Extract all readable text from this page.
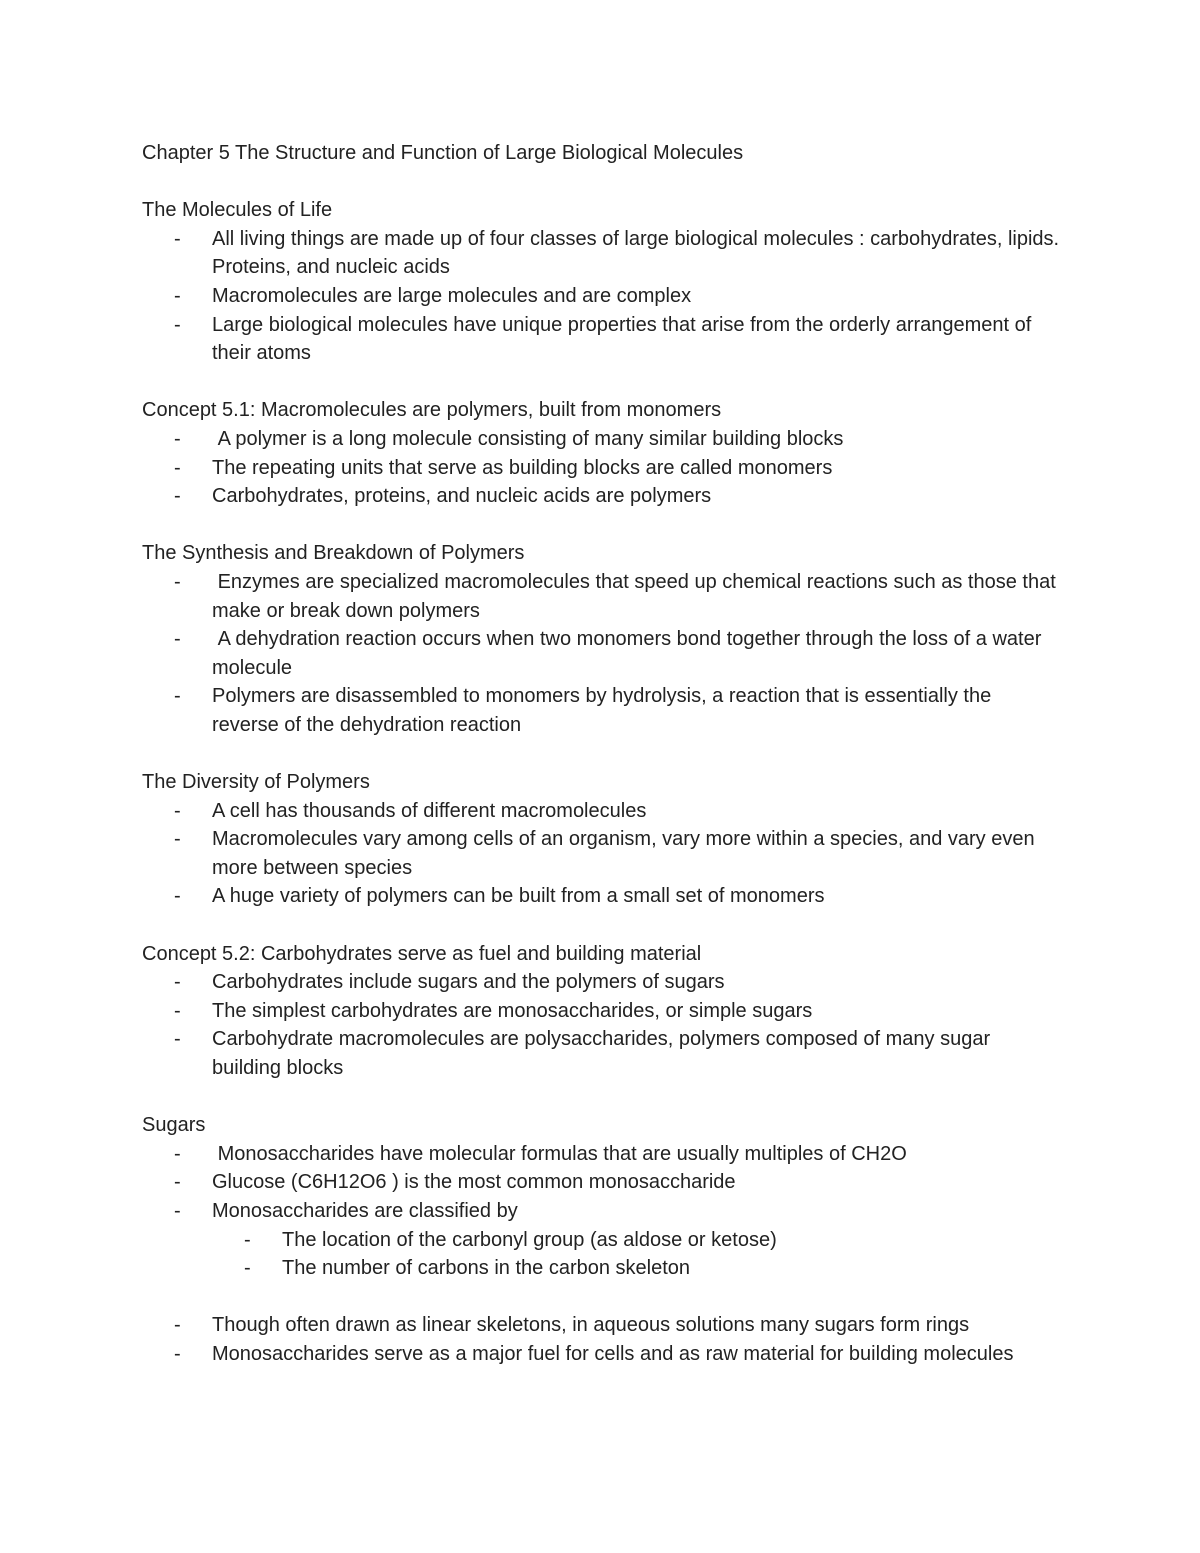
Chapter 5 The Structure and Function of Large Biological Molecules

The Molecules of Life

- All living things are made up of four classes of large biological molecules : carbohydrates, lipids. Proteins, and nucleic acids
- Macromolecules are large molecules and are complex
- Large biological molecules have unique properties that arise from the orderly arrangement of their atoms

Concept 5.1: Macromolecules are polymers, built from monomers

- A polymer is a long molecule consisting of many similar building blocks
- The repeating units that serve as building blocks are called monomers
- Carbohydrates, proteins, and nucleic acids are polymers

The Synthesis and Breakdown of Polymers

- Enzymes are specialized macromolecules that speed up chemical reactions such as those that make or break down polymers
- A dehydration reaction occurs when two monomers bond together through the loss of a water molecule
- Polymers are disassembled to monomers by hydrolysis, a reaction that is essentially the reverse of the dehydration reaction

The Diversity of Polymers

- A cell has thousands of different macromolecules
- Macromolecules vary among cells of an organism, vary more within a species, and vary even more between species
- A huge variety of polymers can be built from a small set of monomers

Concept 5.2: Carbohydrates serve as fuel and building material

- Carbohydrates include sugars and the polymers of sugars
- The simplest carbohydrates are monosaccharides, or simple sugars
- Carbohydrate macromolecules are polysaccharides, polymers composed of many sugar building blocks

Sugars

- Monosaccharides have molecular formulas that are usually multiples of CH2O
- Glucose (C6H12O6 ) is the most common monosaccharide
- Monosaccharides are classified by
- The location of the carbonyl group (as aldose or ketose)
- The number of carbons in the carbon skeleton
- Though often drawn as linear skeletons, in aqueous solutions many sugars form rings
- Monosaccharides serve as a major fuel for cells and as raw material for building molecules
